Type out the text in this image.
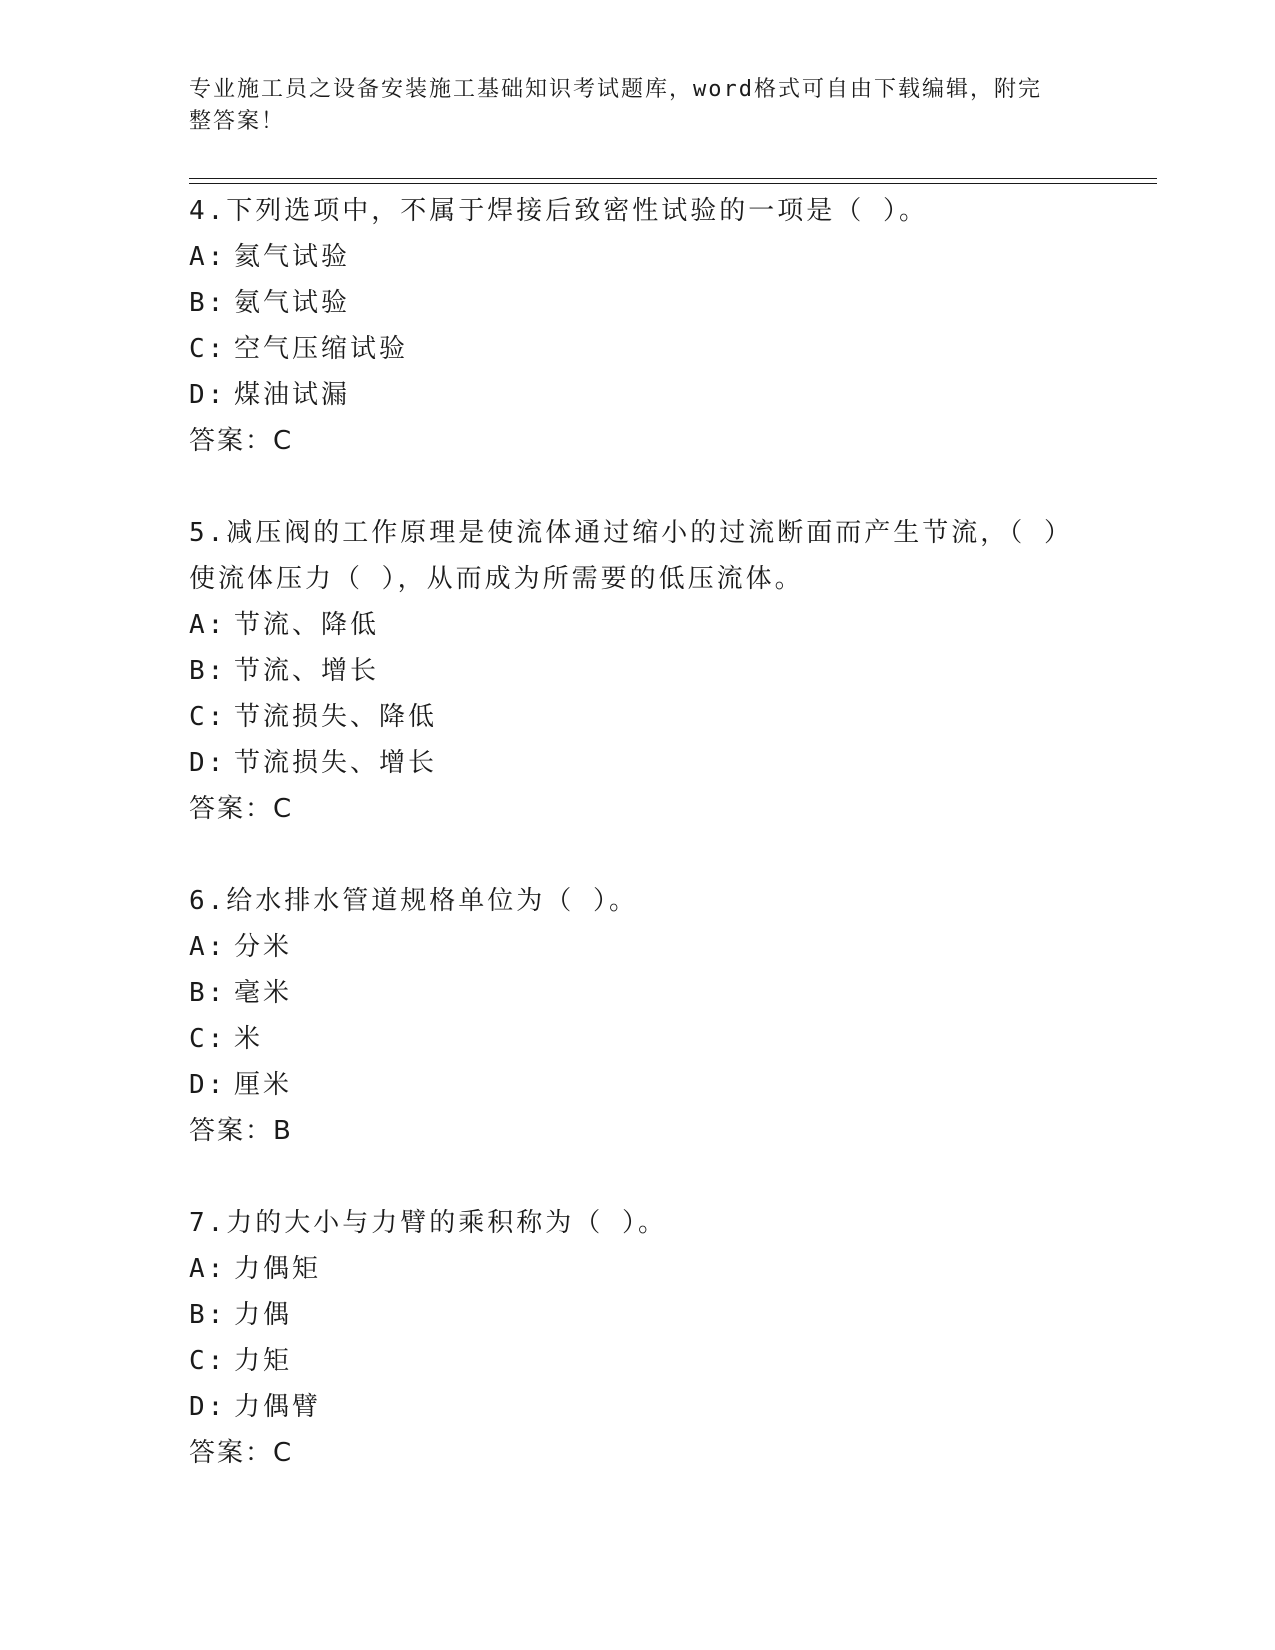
专业施工员之设备安装施工基础知识考试题库，word格式可自由下载编辑，附完
整答案！
4.下列选项中，不属于焊接后致密性试验的一项是（ ）。
A: 氦气试验
B: 氨气试验
C: 空气压缩试验
D: 煤油试漏
答案：C
5.减压阀的工作原理是使流体通过缩小的过流断面而产生节流，（ ）
使流体压力（ ），从而成为所需要的低压流体。
A: 节流、降低
B: 节流、增长
C: 节流损失、降低
D: 节流损失、增长
答案：C
6.给水排水管道规格单位为（ ）。
A: 分米
B: 毫米
C: 米
D: 厘米
答案：B
7.力的大小与力臂的乘积称为（ ）。
A: 力偶矩
B: 力偶
C: 力矩
D: 力偶臂
答案：C
